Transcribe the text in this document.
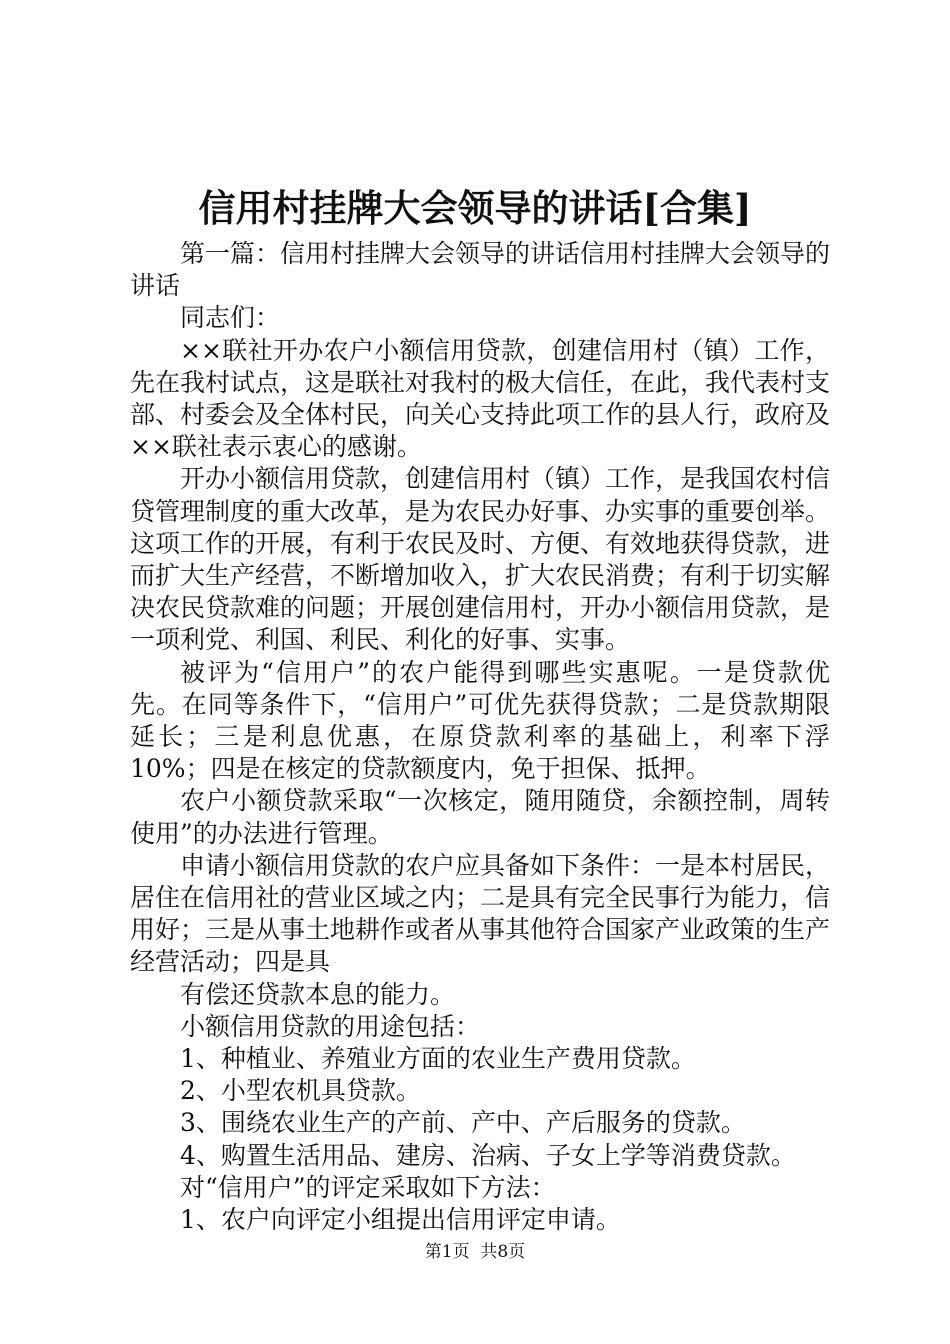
信用村挂牌大会领导的讲话[合集]

第一篇：信用村挂牌大会领导的讲话信用村挂牌大会领导的讲话

同志们：

××联社开办农户小额信用贷款，创建信用村（镇）工作，先在我村试点，这是联社对我村的极大信任，在此，我代表村支部、村委会及全体村民，向关心支持此项工作的县人行，政府及××联社表示衷心的感谢。

开办小额信用贷款，创建信用村（镇）工作，是我国农村信贷管理制度的重大改革，是为农民办好事、办实事的重要创举。这项工作的开展，有利于农民及时、方便、有效地获得贷款，进而扩大生产经营，不断增加收入，扩大农民消费；有利于切实解决农民贷款难的问题；开展创建信用村，开办小额信用贷款，是一项利党、利国、利民、利化的好事、实事。

被评为“信用户”的农户能得到哪些实惠呢。一是贷款优先。在同等条件下，“信用户”可优先获得贷款；二是贷款期限延长；三是利息优惠，在原贷款利率的基础上，利率下浮10%；四是在核定的贷款额度内，免于担保、抵押。

农户小额贷款采取“一次核定，随用随贷，余额控制，周转使用”的办法进行管理。

申请小额信用贷款的农户应具备如下条件：一是本村居民，居住在信用社的营业区域之内；二是具有完全民事行为能力，信用好；三是从事土地耕作或者从事其他符合国家产业政策的生产经营活动；四是具

有偿还贷款本息的能力。

小额信用贷款的用途包括：

1、种植业、养殖业方面的农业生产费用贷款。

2、小型农机具贷款。

3、围绕农业生产的产前、产中、产后服务的贷款。

4、购置生活用品、建房、治病、子女上学等消费贷款。

对“信用户”的评定采取如下方法：

1、农户向评定小组提出信用评定申请。

第1页  共8页
